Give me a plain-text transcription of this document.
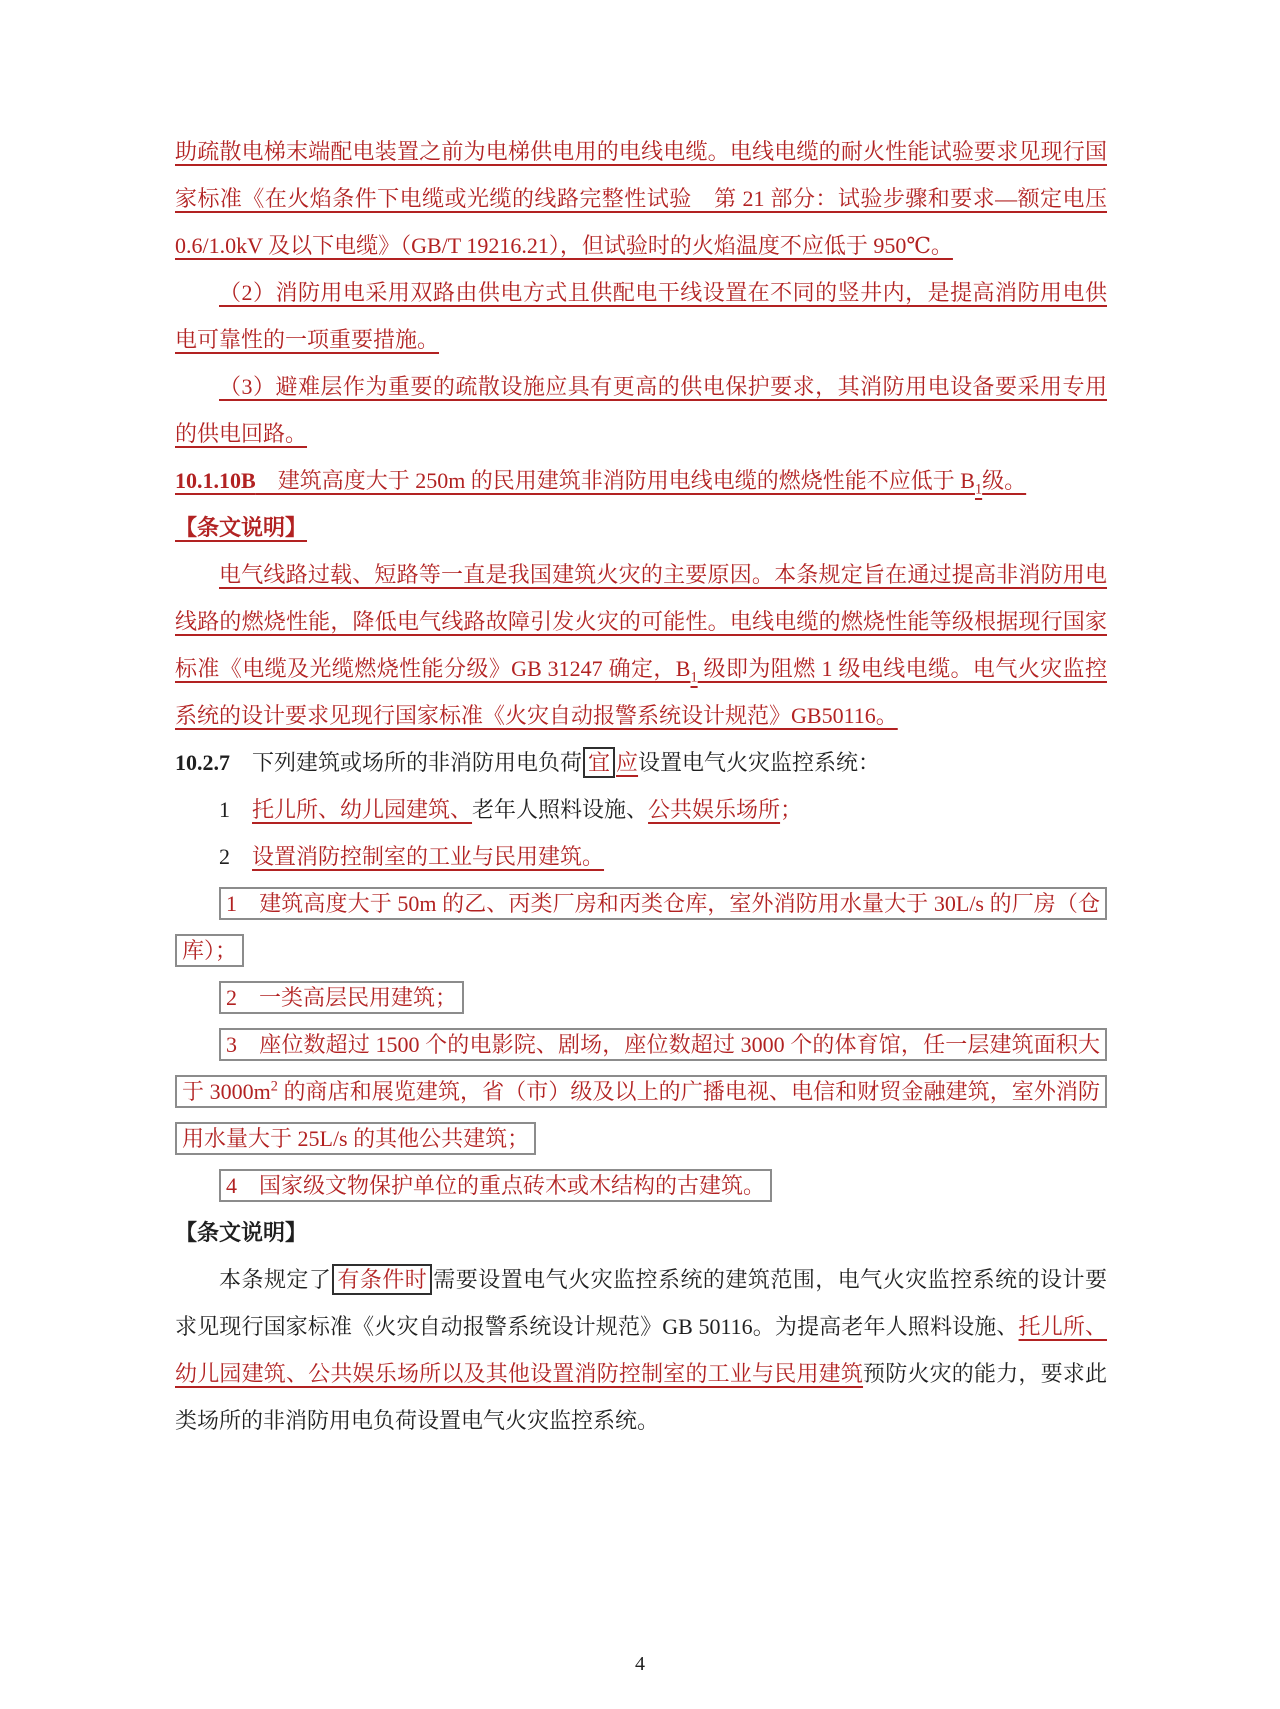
助疏散电梯末端配电装置之前为电梯供电用的电线电缆。电线电缆的耐火性能试验要求见现行国家标准《在火焰条件下电缆或光缆的线路完整性试验　第 21 部分：试验步骤和要求—额定电压 0.6/1.0kV 及以下电缆》（GB/T 19216.21），但试验时的火焰温度不应低于 950℃。
（2）消防用电采用双路由供电方式且供配电干线设置在不同的竖井内，是提高消防用电供电可靠性的一项重要措施。
（3）避难层作为重要的疏散设施应具有更高的供电保护要求，其消防用电设备要采用专用的供电回路。
10.1.10B　建筑高度大于 250m 的民用建筑非消防用电线电缆的燃烧性能不应低于 $B_1$级。
【条文说明】
电气线路过载、短路等一直是我国建筑火灾的主要原因。本条规定旨在通过提高非消防用电线路的燃烧性能，降低电气线路故障引发火灾的可能性。电线电缆的燃烧性能等级根据现行国家标准《电缆及光缆燃烧性能分级》GB 31247 确定，$B_1$ 级即为阻燃 1 级电线电缆。电气火灾监控系统的设计要求见现行国家标准《火灾自动报警系统设计规范》GB50116。
10.2.7　下列建筑或场所的非消防用电负荷 宜 应设置电气火灾监控系统：
1　托儿所、幼儿园建筑、老年人照料设施、公共娱乐场所；
2　设置消防控制室的工业与民用建筑。
1　建筑高度大于 50m 的乙、丙类厂房和丙类仓库，室外消防用水量大于 30L/s 的厂房（仓库）；
2　一类高层民用建筑；
3　座位数超过 1500 个的电影院、剧场，座位数超过 3000 个的体育馆，任一层建筑面积大于 $3000m^2$ 的商店和展览建筑，省（市）级及以上的广播电视、电信和财贸金融建筑，室外消防用水量大于 25L/s 的其他公共建筑；
4　国家级文物保护单位的重点砖木或木结构的古建筑。
【条文说明】
本条规定了 有条件时 需要设置电气火灾监控系统的建筑范围，电气火灾监控系统的设计要求见现行国家标准《火灾自动报警系统设计规范》GB 50116。为提高老年人照料设施、托儿所、幼儿园建筑、公共娱乐场所以及其他设置消防控制室的工业与民用建筑预防火灾的能力，要求此类场所的非消防用电负荷设置电气火灾监控系统。
4
